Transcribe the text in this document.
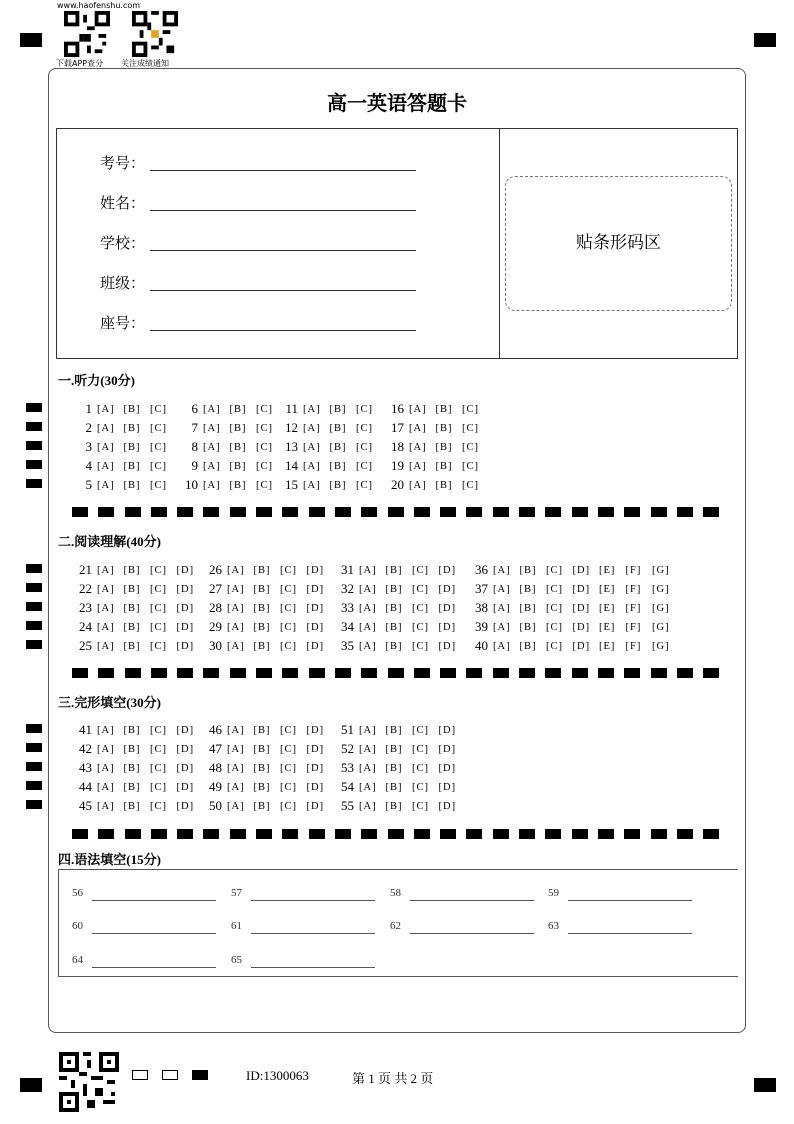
www.haofenshu.com
下载APP查分 关注成绩通知
高一英语答题卡
考号：
姓名：
学校：
班级：
座号：
贴条形码区
一.听力(30分)
1 [A] [B] [C]
2 [A] [B] [C]
3 [A] [B] [C]
4 [A] [B] [C]
5 [A] [B] [C]
6 [A] [B] [C]
7 [A] [B] [C]
8 [A] [B] [C]
9 [A] [B] [C]
10 [A] [B] [C]
11 [A] [B] [C]
12 [A] [B] [C]
13 [A] [B] [C]
14 [A] [B] [C]
15 [A] [B] [C]
16 [A] [B] [C]
17 [A] [B] [C]
18 [A] [B] [C]
19 [A] [B] [C]
20 [A] [B] [C]
二.阅读理解(40分)
21 [A] [B] [C] [D]
22 [A] [B] [C] [D]
23 [A] [B] [C] [D]
24 [A] [B] [C] [D]
25 [A] [B] [C] [D]
26 [A] [B] [C] [D]
27 [A] [B] [C] [D]
28 [A] [B] [C] [D]
29 [A] [B] [C] [D]
30 [A] [B] [C] [D]
31 [A] [B] [C] [D]
32 [A] [B] [C] [D]
33 [A] [B] [C] [D]
34 [A] [B] [C] [D]
35 [A] [B] [C] [D]
36 [A] [B] [C] [D] [E] [F] [G]
37 [A] [B] [C] [D] [E] [F] [G]
38 [A] [B] [C] [D] [E] [F] [G]
39 [A] [B] [C] [D] [E] [F] [G]
40 [A] [B] [C] [D] [E] [F] [G]
三.完形填空(30分)
41 [A] [B] [C] [D]
42 [A] [B] [C] [D]
43 [A] [B] [C] [D]
44 [A] [B] [C] [D]
45 [A] [B] [C] [D]
46 [A] [B] [C] [D]
47 [A] [B] [C] [D]
48 [A] [B] [C] [D]
49 [A] [B] [C] [D]
50 [A] [B] [C] [D]
51 [A] [B] [C] [D]
52 [A] [B] [C] [D]
53 [A] [B] [C] [D]
54 [A] [B] [C] [D]
55 [A] [B] [C] [D]
四.语法填空(15分)
56	57	58	59
60	61	62	63
64	65
ID:1300063	第 1 页 共 2 页
